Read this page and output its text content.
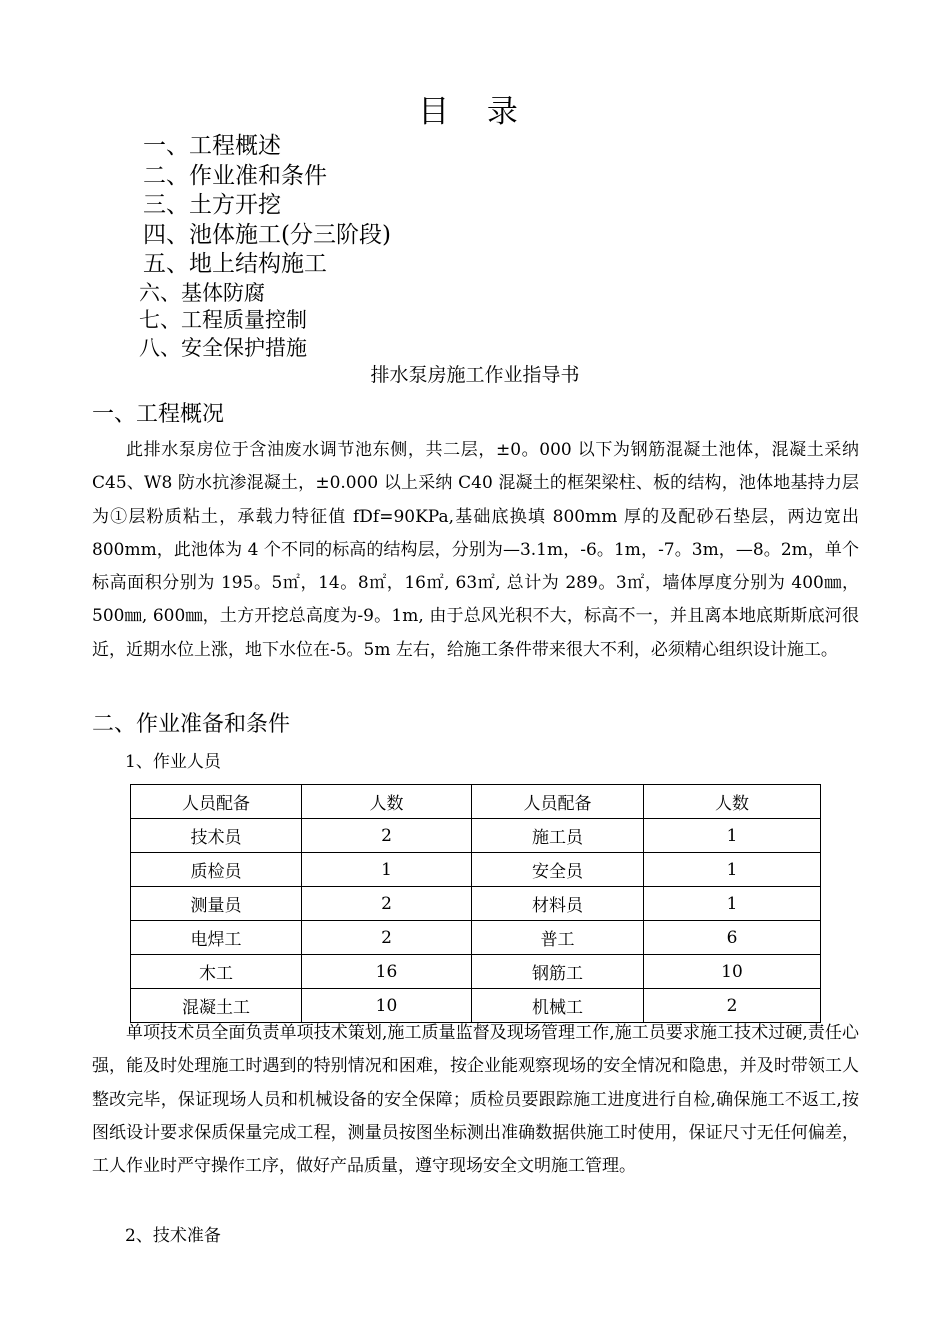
目 录
一、工程概述
二、作业准和条件
三、土方开挖
四、池体施工(分三阶段)
五、地上结构施工
六、基体防腐
七、工程质量控制
八、安全保护措施
排水泵房施工作业指导书
一、工程概况

此排水泵房位于含油废水调节池东侧，共二层，±0。000 以下为钢筋混凝土池体，混凝土采纳 C45、W8 防水抗渗混凝土，±0.000 以上采纳 C40 混凝土的框架梁柱、板的结构，池体地基持力层为①层粉质粘土，承载力特征值 fDf=90KPa,基础底换填 800mm 厚的及配砂石垫层，两边宽出 800mm，此池体为 4 个不同的标高的结构层，分别为—3.1m，-6。1m，-7。3m，—8。2m，单个标高面积分别为 195。5㎡，14。8㎡，16㎡, 63㎡, 总计为 289。3㎡，墙体厚度分别为 400㎜，500㎜, 600㎜，土方开挖总高度为-9。1m, 由于总风光积不大，标高不一，并且离本地底斯斯底河很近，近期水位上涨，地下水位在-5。5m 左右，给施工条件带来很大不利，必须精心组织设计施工。

二、作业准备和条件
1、作业人员
人员配备	人数	人员配备	人数
技术员	2	施工员	1
质检员	1	安全员	1
测量员	2	材料员	1
电焊工	2	普工	6
木工	16	钢筋工	10
混凝土工	10	机械工	2

单项技术员全面负责单项技术策划,施工质量监督及现场管理工作,施工员要求施工技术过硬,责任心强，能及时处理施工时遇到的特别情况和困难，按企业能观察现场的安全情况和隐患，并及时带领工人整改完毕，保证现场人员和机械设备的安全保障；质检员要跟踪施工进度进行自检,确保施工不返工,按图纸设计要求保质保量完成工程，测量员按图坐标测出准确数据供施工时使用，保证尺寸无任何偏差，工人作业时严守操作工序，做好产品质量，遵守现场安全文明施工管理。

2、技术准备
